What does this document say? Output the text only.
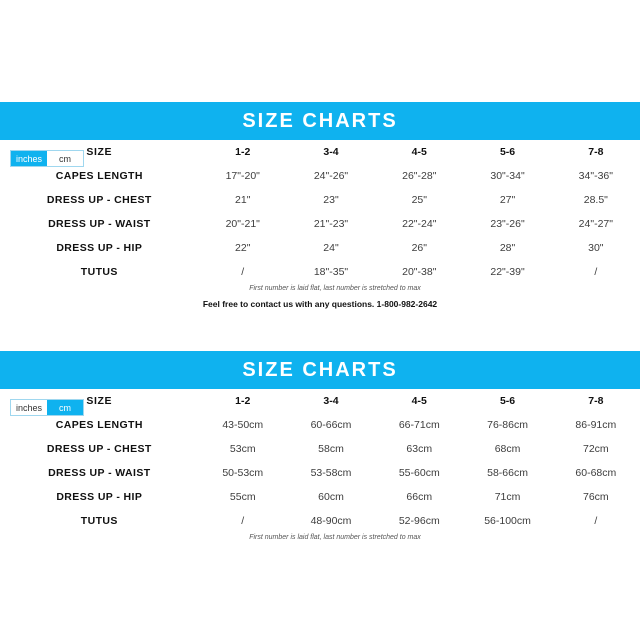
SIZE CHARTS
inches	cm
SIZE	1-2	3-4	4-5	5-6	7-8
CAPES LENGTH	17"-20"	24"-26"	26"-28"	30"-34"	34"-36"
DRESS UP - CHEST	21"	23"	25"	27"	28.5"
DRESS UP - WAIST	20"-21"	21"-23"	22"-24"	23"-26"	24"-27"
DRESS UP - HIP	22"	24"	26"	28"	30"
TUTUS	/	18"-35"	20"-38"	22"-39"	/
First number is laid flat, last number is stretched to max
Feel free to contact us with any questions. 1-800-982-2642
SIZE CHARTS
inches	cm
SIZE	1-2	3-4	4-5	5-6	7-8
CAPES LENGTH	43-50cm	60-66cm	66-71cm	76-86cm	86-91cm
DRESS UP - CHEST	53cm	58cm	63cm	68cm	72cm
DRESS UP - WAIST	50-53cm	53-58cm	55-60cm	58-66cm	60-68cm
DRESS UP - HIP	55cm	60cm	66cm	71cm	76cm
TUTUS	/	48-90cm	52-96cm	56-100cm	/
First number is laid flat, last number is stretched to max
